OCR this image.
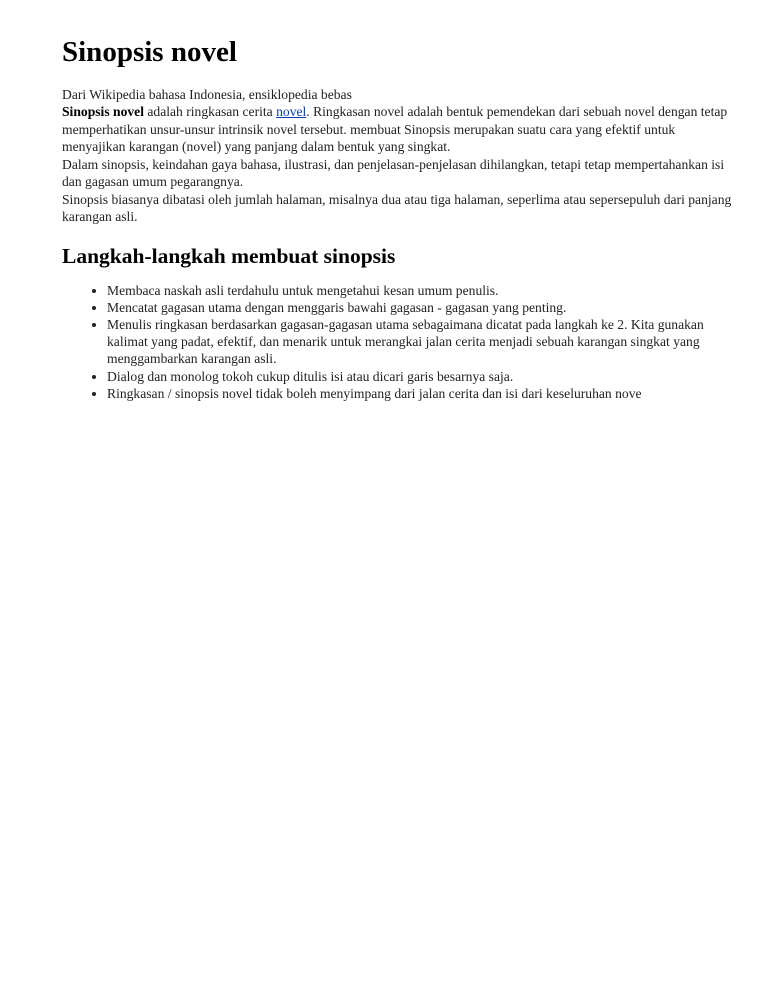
Sinopsis novel
Dari Wikipedia bahasa Indonesia, ensiklopedia bebas

Sinopsis novel adalah ringkasan cerita novel. Ringkasan novel adalah bentuk pemendekan dari sebuah novel dengan tetap memperhatikan unsur-unsur intrinsik novel tersebut. membuat Sinopsis merupakan suatu cara yang efektif untuk menyajikan karangan (novel) yang panjang dalam bentuk yang singkat.

Dalam sinopsis, keindahan gaya bahasa, ilustrasi, dan penjelasan-penjelasan dihilangkan, tetapi tetap mempertahankan isi dan gagasan umum pegarangnya.

Sinopsis biasanya dibatasi oleh jumlah halaman, misalnya dua atau tiga halaman, seperlima atau sepersepuluh dari panjang karangan asli.

Langkah-langkah membuat sinopsis
• Membaca naskah asli terdahulu untuk mengetahui kesan umum penulis.
• Mencatat gagasan utama dengan menggaris bawahi gagasan - gagasan yang penting.
• Menulis ringkasan berdasarkan gagasan-gagasan utama sebagaimana dicatat pada langkah ke 2. Kita gunakan kalimat yang padat, efektif, dan menarik untuk merangkai jalan cerita menjadi sebuah karangan singkat yang menggambarkan karangan asli.
• Dialog dan monolog tokoh cukup ditulis isi atau dicari garis besarnya saja.
• Ringkasan / sinopsis novel tidak boleh menyimpang dari jalan cerita dan isi dari keseluruhan nove
